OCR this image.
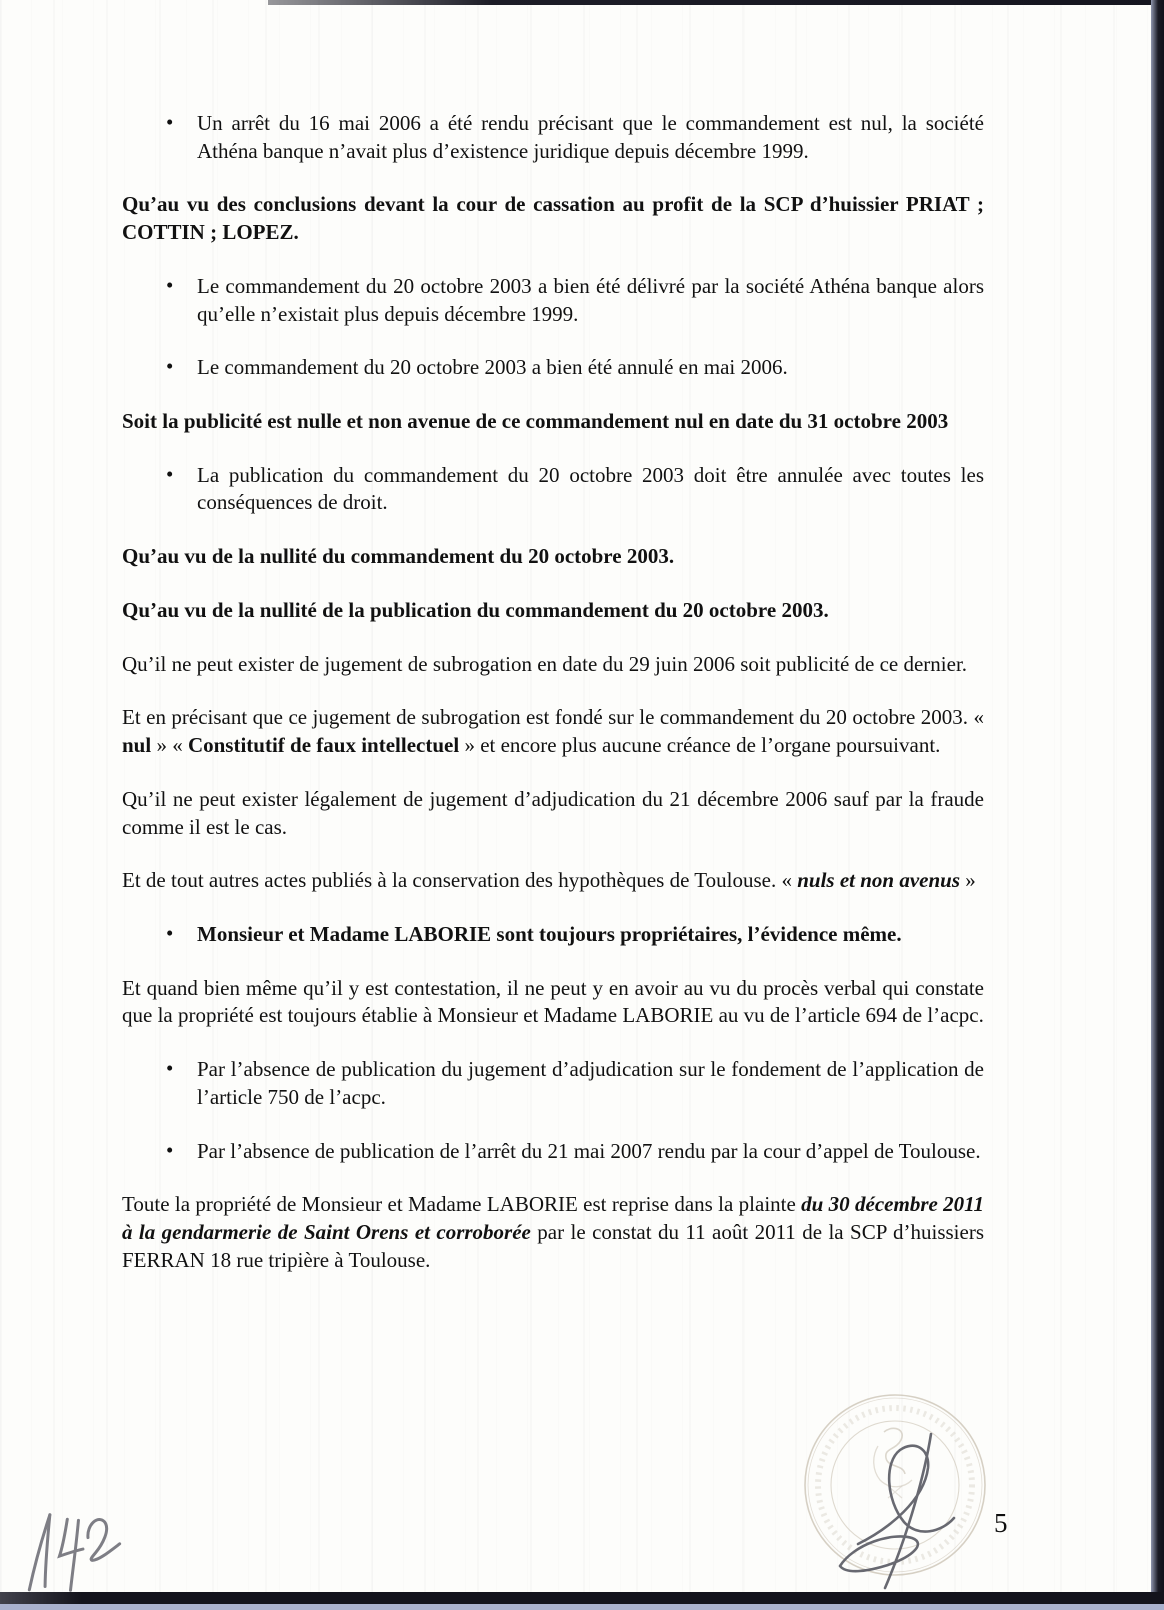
• Un arrêt du 16 mai 2006 a été rendu précisant que le commandement est nul, la société Athéna banque n’avait plus d’existence juridique depuis décembre 1999.
Qu’au vu des conclusions devant la cour de cassation au profit de la SCP d’huissier PRIAT ; COTTIN ; LOPEZ.
• Le commandement du 20 octobre 2003 a bien été délivré par la société Athéna banque alors qu’elle n’existait plus depuis décembre 1999.
• Le commandement du 20 octobre 2003 a bien été annulé en mai 2006.
Soit la publicité est nulle et non avenue de ce commandement nul en date du 31 octobre 2003
• La publication du commandement du 20 octobre 2003 doit être annulée avec toutes les conséquences de droit.
Qu’au vu de la nullité du commandement du 20 octobre 2003.
Qu’au vu de la nullité de la publication du commandement du 20 octobre 2003.
Qu’il ne peut exister de jugement de subrogation en date du 29 juin 2006 soit publicité de ce dernier.
Et en précisant que ce jugement de subrogation est fondé sur le commandement du 20 octobre 2003. « nul » « Constitutif de faux intellectuel » et encore plus aucune créance de l’organe poursuivant.
Qu’il ne peut exister légalement de jugement d’adjudication du 21 décembre 2006 sauf par la fraude comme il est le cas.
Et de tout autres actes publiés à la conservation des hypothèques de Toulouse. « nuls et non avenus »
• Monsieur et Madame LABORIE sont toujours propriétaires, l’évidence même.
Et quand bien même qu’il y est contestation, il ne peut y en avoir au vu du procès verbal qui constate que la propriété est toujours établie à Monsieur et Madame LABORIE au vu de l’article 694 de l’acpc.
• Par l’absence de publication du jugement d’adjudication sur le fondement de l’application de l’article 750 de l’acpc.
• Par l’absence de publication de l’arrêt du 21 mai 2007 rendu par la cour d’appel de Toulouse.
Toute la propriété de Monsieur et Madame LABORIE est reprise dans la plainte du 30 décembre 2011 à la gendarmerie de Saint Orens et corroborée par le constat du 11 août 2011 de la SCP d’huissiers FERRAN 18 rue tripière à Toulouse.
5
